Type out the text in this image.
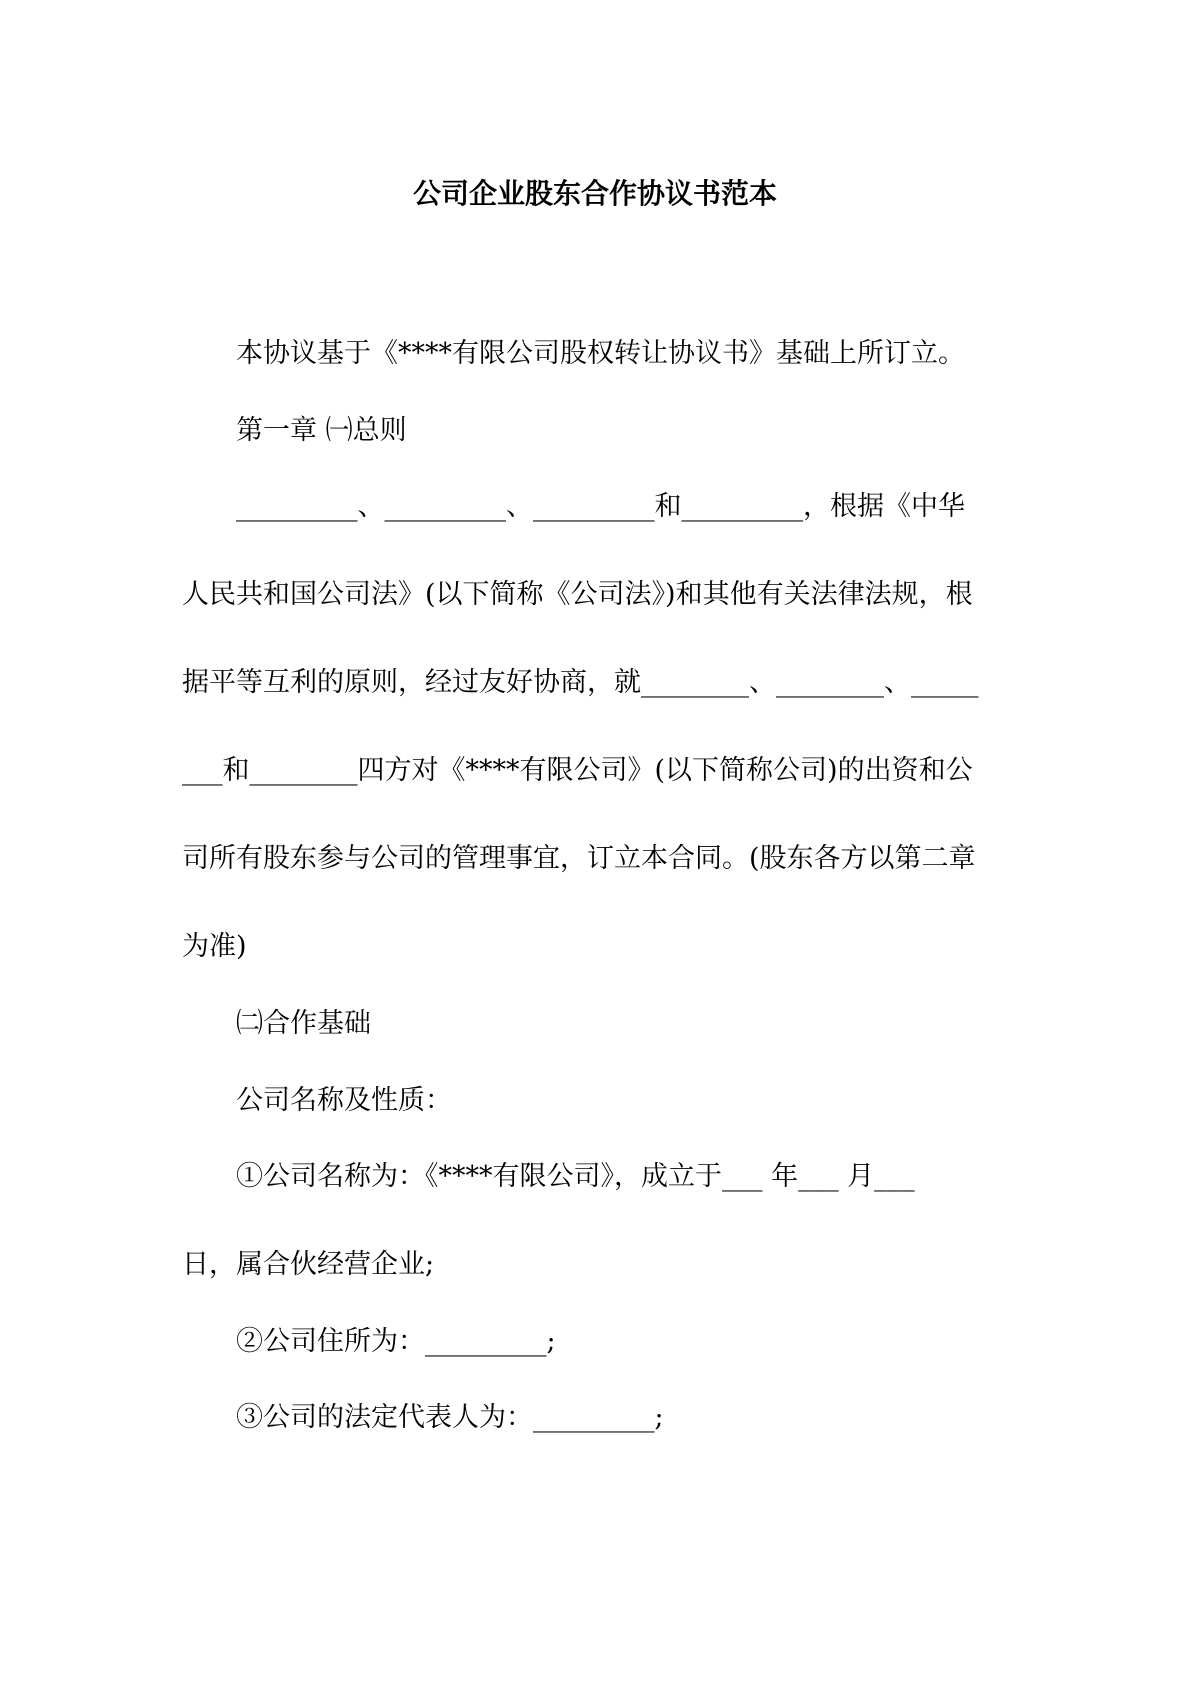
公司企业股东合作协议书范本
本协议基于《****有限公司股权转让协议书》基础上所订立。
第一章 ㈠总则
_________、_________、_________和_________，根据《中华
人民共和国公司法》(以下简称《公司法》)和其他有关法律法规，根
据平等互利的原则，经过友好协商，就________、________、_____
___和________四方对《****有限公司》(以下简称公司)的出资和公
司所有股东参与公司的管理事宜，订立本合同。(股东各方以第二章
为准)
㈡合作基础
公司名称及性质：
①公司名称为：《****有限公司》，成立于___ 年___ 月___
日，属合伙经营企业;
②公司住所为：_________;
③公司的法定代表人为：_________;
